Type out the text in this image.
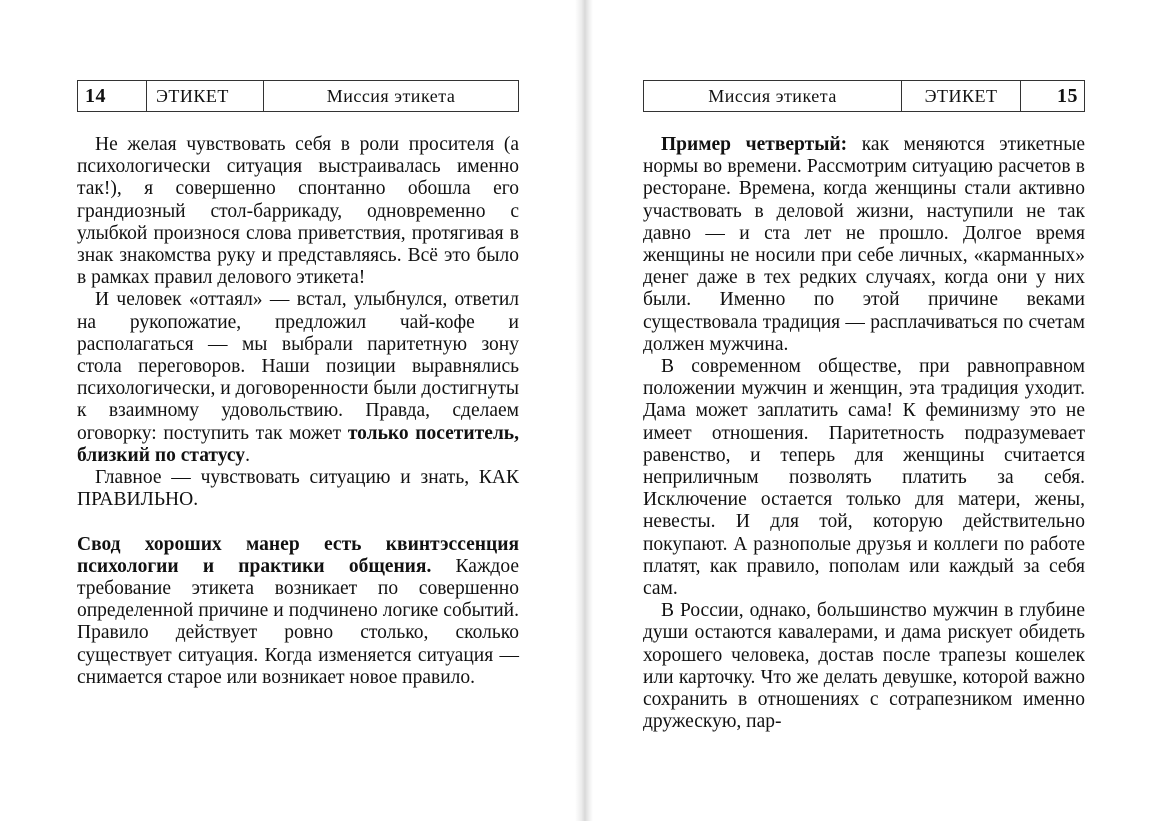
14	ЭТИКЕТ	Миссия этикета

Не желая чувствовать себя в роли просителя (а психологически ситуация выстраивалась именно так!), я совершенно спонтанно обошла его грандиозный стол-баррикаду, одновременно с улыбкой произнося слова приветствия, протягивая в знак знакомства руку и представляясь. Всё это было в рамках правил делового этикета!

И человек «оттаял» — встал, улыбнулся, ответил на рукопожатие, предложил чай-кофе и располагаться — мы выбрали паритетную зону стола переговоров. Наши позиции выравнялись психологически, и договоренности были достигнуты к взаимному удовольствию. Правда, сделаем оговорку: поступить так может только посетитель, близкий по статусу.

Главное — чувствовать ситуацию и знать, КАК ПРАВИЛЬНО.

Свод хороших манер есть квинтэссенция психологии и практики общения. Каждое требование этикета возникает по совершенно определенной причине и подчинено логике событий. Правило действует ровно столько, сколько существует ситуация. Когда изменяется ситуация — снимается старое или возникает новое правило.

Миссия этикета	ЭТИКЕТ	15

Пример четвертый: как меняются этикетные нормы во времени. Рассмотрим ситуацию расчетов в ресторане. Времена, когда женщины стали активно участвовать в деловой жизни, наступили не так давно — и ста лет не прошло. Долгое время женщины не носили при себе личных, «карманных» денег даже в тех редких случаях, когда они у них были. Именно по этой причине веками существовала традиция — расплачиваться по счетам должен мужчина.

В современном обществе, при равноправном положении мужчин и женщин, эта традиция уходит. Дама может заплатить сама! К феминизму это не имеет отношения. Паритетность подразумевает равенство, и теперь для женщины считается неприличным позволять платить за себя. Исключение остается только для матери, жены, невесты. И для той, которую действительно покупают. А разнополые друзья и коллеги по работе платят, как правило, пополам или каждый за себя сам.

В России, однако, большинство мужчин в глубине души остаются кавалерами, и дама рискует обидеть хорошего человека, достав после трапезы кошелек или карточку. Что же делать девушке, которой важно сохранить в отношениях с сотрапезником именно дружескую, пар-
